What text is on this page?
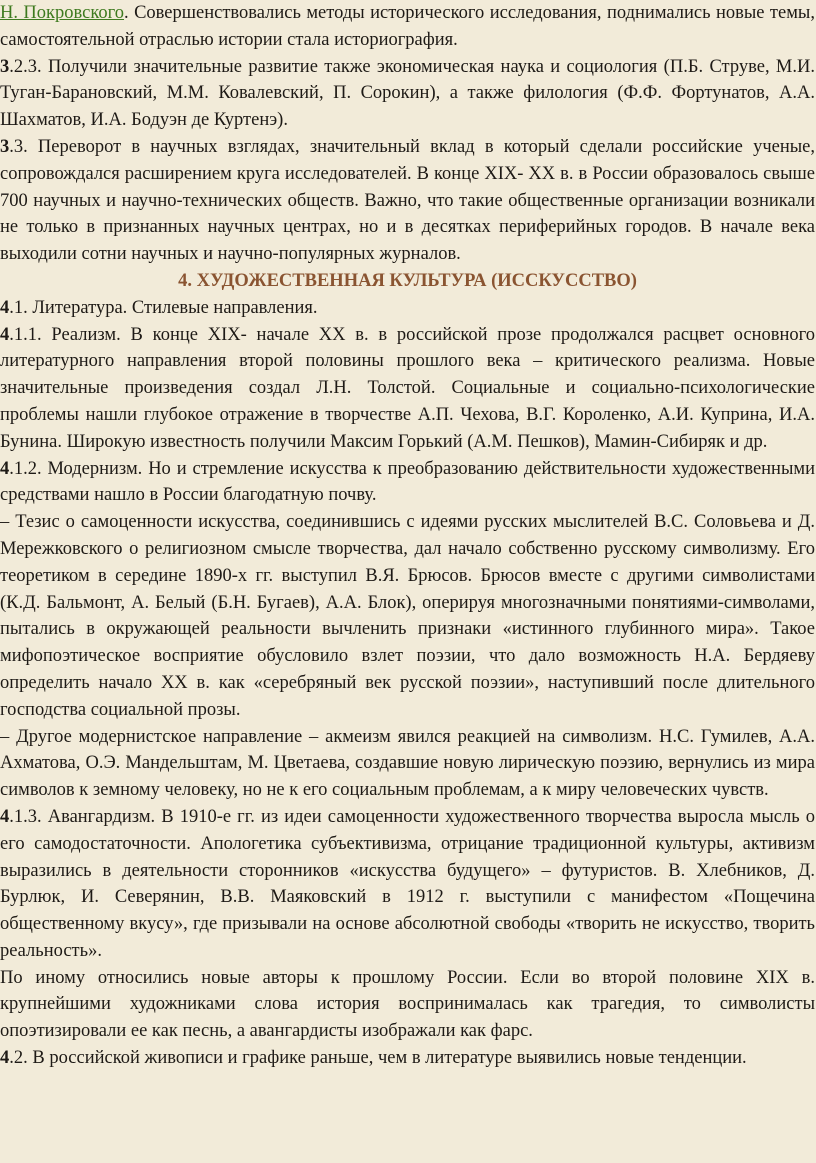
Н. Покровского. Совершенствовались методы исторического исследования, поднимались новые темы, самостоятельной отраслью истории стала историография.

3.2.3. Получили значительные развитие также экономическая наука и социология (П.Б. Струве, М.И. Туган-Барановский, М.М. Ковалевский, П. Сорокин), а также филология (Ф.Ф. Фортунатов, А.А. Шахматов, И.А. Бодуэн де Куртенэ).

3.3. Переворот в научных взглядах, значительный вклад в который сделали российские ученые, сопровождался расширением круга исследователей. В конце XIX- XX в. в России образовалось свыше 700 научных и научно-технических обществ. Важно, что такие общественные организации возникали не только в признанных научных центрах, но и в десятках периферийных городов. В начале века выходили сотни научных и научно-популярных журналов.

4. ХУДОЖЕСТВЕННАЯ КУЛЬТУРА (ИССКУССТВО)

4.1. Литература. Стилевые направления.

4.1.1. Реализм. В конце XIX- начале XX в. в российской прозе продолжался расцвет основного литературного направления второй половины прошлого века – критического реализма. Новые значительные произведения создал Л.Н. Толстой. Социальные и социально-психологические проблемы нашли глубокое отражение в творчестве А.П. Чехова, В.Г. Короленко, А.И. Куприна, И.А. Бунина. Широкую известность получили Максим Горький (А.М. Пешков), Мамин-Сибиряк и др.

4.1.2. Модернизм. Но и стремление искусства к преобразованию действительности художественными средствами нашло в России благодатную почву.

– Тезис о самоценности искусства, соединившись с идеями русских мыслителей В.С. Соловьева и Д. Мережковского о религиозном смысле творчества, дал начало собственно русскому символизму. Его теоретиком в середине 1890-х гг. выступил В.Я. Брюсов. Брюсов вместе с другими символистами (К.Д. Бальмонт, А. Белый (Б.Н. Бугаев), А.А. Блок), оперируя многозначными понятиями-символами, пытались в окружающей реальности вычленить признаки «истинного глубинного мира». Такое мифопоэтическое восприятие обусловило взлет поэзии, что дало возможность Н.А. Бердяеву определить начало XX в. как «серебряный век русской поэзии», наступивший после длительного господства социальной прозы.

– Другое модернистское направление – акмеизм явился реакцией на символизм. Н.С. Гумилев, А.А. Ахматова, О.Э. Мандельштам, М. Цветаева, создавшие новую лирическую поэзию, вернулись из мира символов к земному человеку, но не к его социальным проблемам, а к миру человеческих чувств.

4.1.3. Авангардизм. В 1910-е гг. из идеи самоценности художественного творчества выросла мысль о его самодостаточности. Апологетика субъективизма, отрицание традиционной культуры, активизм выразились в деятельности сторонников «искусства будущего» – футуристов. В. Хлебников, Д. Бурлюк, И. Северянин, В.В. Маяковский в 1912 г. выступили с манифестом «Пощечина общественному вкусу», где призывали на основе абсолютной свободы «творить не искусство, творить реальность».

По иному относились новые авторы к прошлому России. Если во второй половине XIX в. крупнейшими художниками слова история воспринималась как трагедия, то символисты опоэтизировали ее как песнь, а авангардисты изображали как фарс.

4.2. В российской живописи и графике раньше, чем в литературе выявились новые тенденции.
